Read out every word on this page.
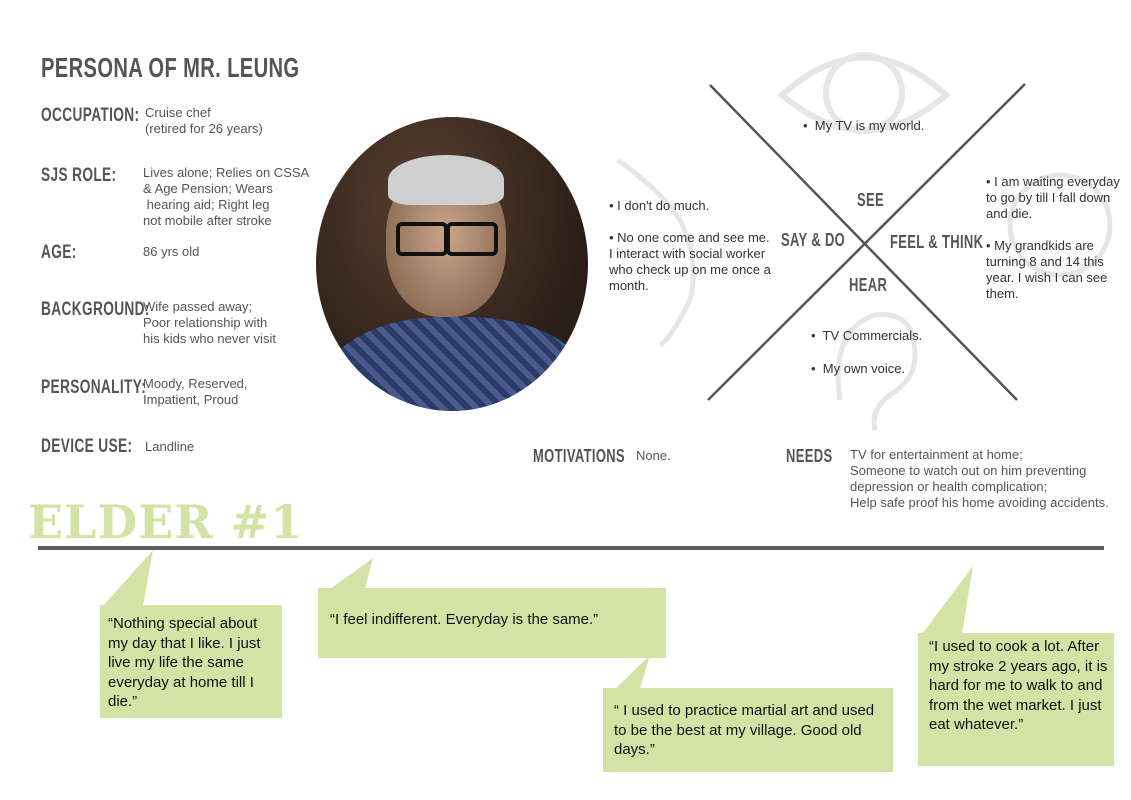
PERSONA OF MR. LEUNG
OCCUPATION: Cruise chef
(retired for 26 years)
SJS ROLE: Lives alone; Relies on CSSA
& Age Pension; Wears
hearing aid; Right leg
not mobile after stroke
AGE:	86 yrs old
BACKGROUND:
Wife passed away;
Poor relationship with
his kids who never visit
PERSONALITY:
Moody, Reserved,
Impatient, Proud
DEVICE USE: Landline
SEE
SAY & DO FEEL & THINK
HEAR
•  My TV is my world.
• I don't do much.
• No one come and see me. I interact with social worker who check up on me once a month.
• I am waiting everyday to go by till I fall down and die.
• My grandkids are turning 8 and 14 this year. I wish I can see them.
•  TV Commercials.
•  My own voice.
MOTIVATIONS None.	NEEDS TV for entertainment at home;
Someone to watch out on him preventing
depression or health complication;
Help safe proof his home avoiding accidents.
ELDER #1
“Nothing special about my day that I like. I just live my life the same everyday at home till I die.”
“I feel indifferent. Everyday is the same.”
“ I used to practice martial art and used to be the best at my village. Good old days.”
“I used to cook a lot. After my stroke 2 years ago, it is hard for me to walk to and from the wet market. I just eat whatever.”
